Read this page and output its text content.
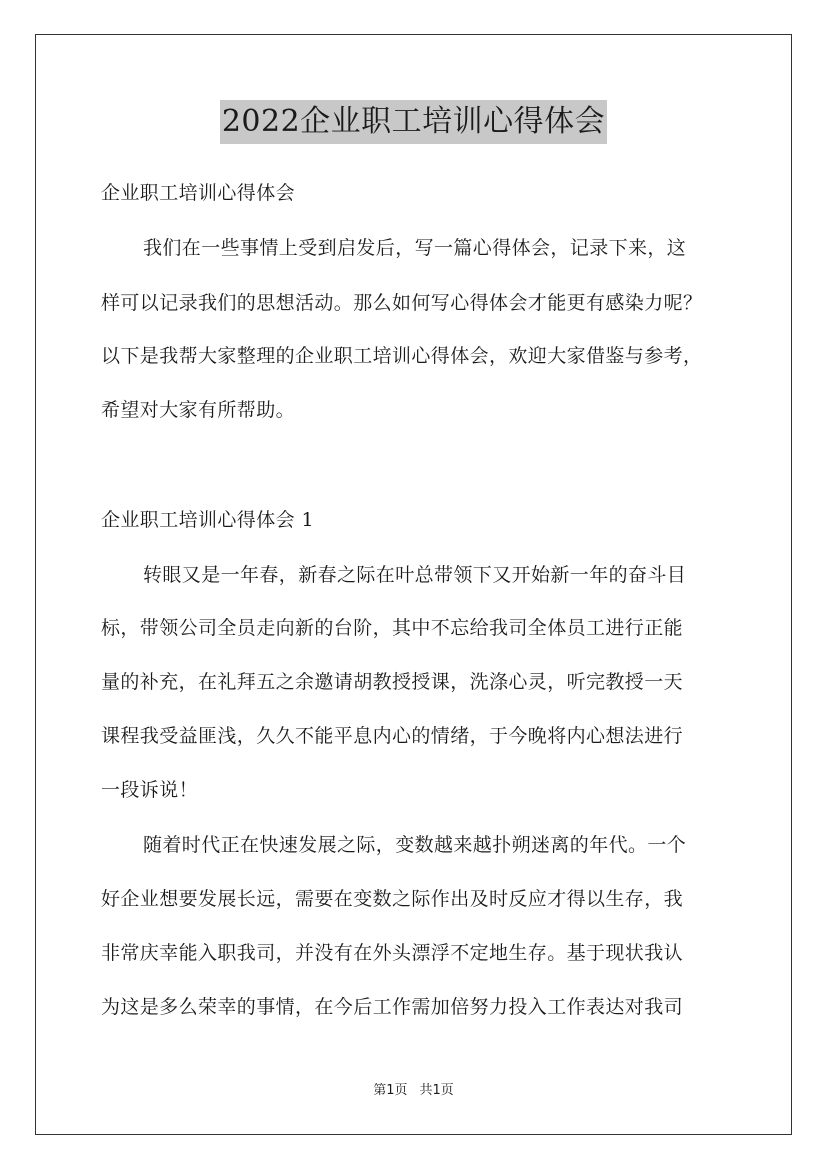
2022企业职工培训心得体会
企业职工培训心得体会
我们在一些事情上受到启发后，写一篇心得体会，记录下来，这
样可以记录我们的思想活动。那么如何写心得体会才能更有感染力呢？
以下是我帮大家整理的企业职工培训心得体会，欢迎大家借鉴与参考，
希望对大家有所帮助。
企业职工培训心得体会 1
转眼又是一年春，新春之际在叶总带领下又开始新一年的奋斗目
标，带领公司全员走向新的台阶，其中不忘给我司全体员工进行正能
量的补充，在礼拜五之余邀请胡教授授课，洗涤心灵，听完教授一天
课程我受益匪浅，久久不能平息内心的情绪，于今晚将内心想法进行
一段诉说！
随着时代正在快速发展之际，变数越来越扑朔迷离的年代。一个
好企业想要发展长远，需要在变数之际作出及时反应才得以生存，我
非常庆幸能入职我司，并没有在外头漂浮不定地生存。基于现状我认
为这是多么荣幸的事情，在今后工作需加倍努力投入工作表达对我司
第1页 共1页
